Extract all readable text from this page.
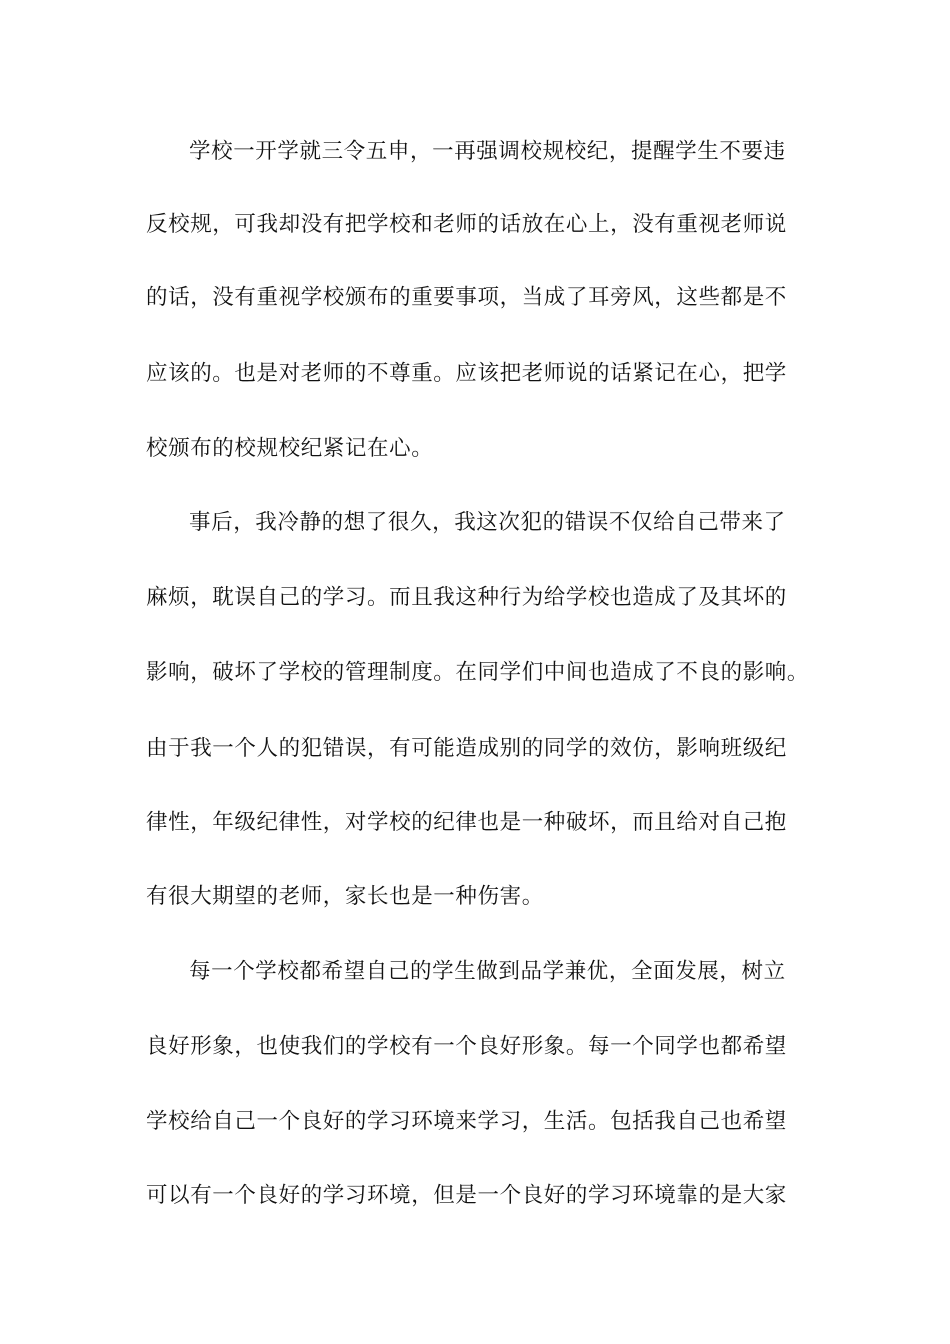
学校一开学就三令五申，一再强调校规校纪，提醒学生不要违
反校规，可我却没有把学校和老师的话放在心上，没有重视老师说
的话，没有重视学校颁布的重要事项，当成了耳旁风，这些都是不
应该的。也是对老师的不尊重。应该把老师说的话紧记在心，把学
校颁布的校规校纪紧记在心。
事后，我冷静的想了很久，我这次犯的错误不仅给自己带来了
麻烦，耽误自己的学习。而且我这种行为给学校也造成了及其坏的
影响，破坏了学校的管理制度。在同学们中间也造成了不良的影响。
由于我一个人的犯错误，有可能造成别的同学的效仿，影响班级纪
律性，年级纪律性，对学校的纪律也是一种破坏，而且给对自己抱
有很大期望的老师，家长也是一种伤害。
每一个学校都希望自己的学生做到品学兼优，全面发展，树立
良好形象，也使我们的学校有一个良好形象。每一个同学也都希望
学校给自己一个良好的学习环境来学习，生活。包括我自己也希望
可以有一个良好的学习环境，但是一个良好的学习环境靠的是大家
